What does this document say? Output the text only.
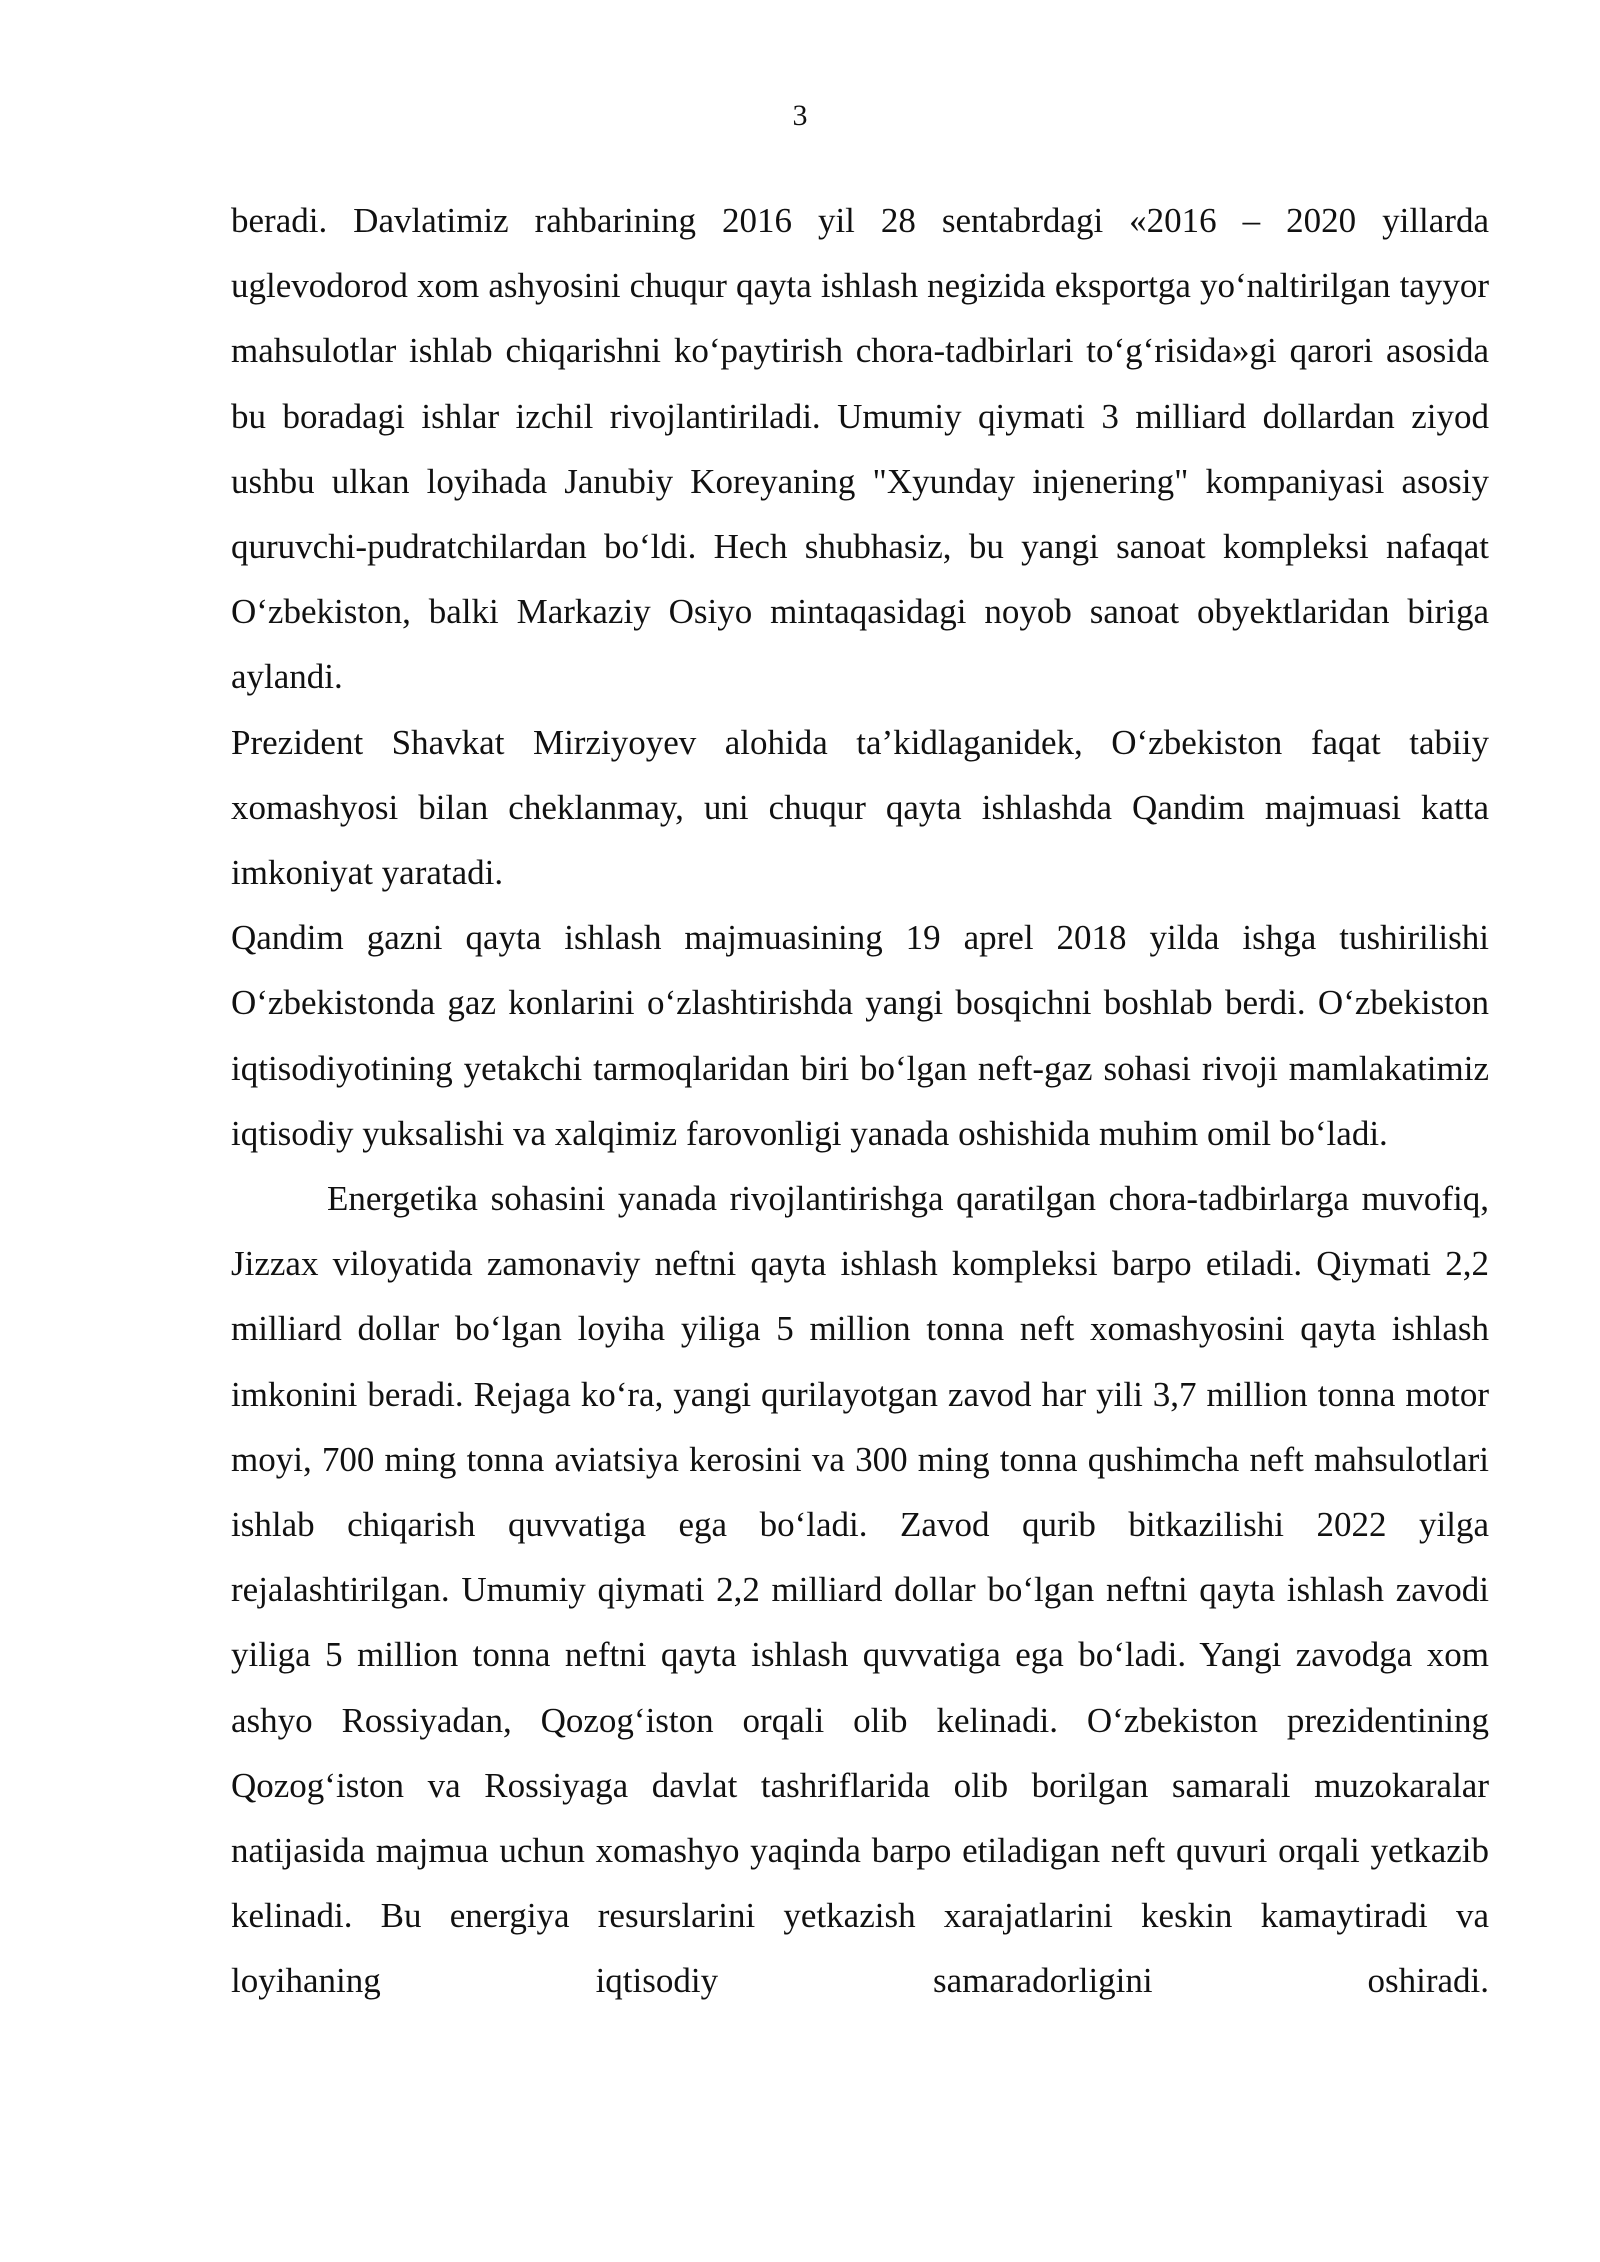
3

beradi. Davlatimiz rahbarining 2016 yil 28 sentabrdagi «2016 – 2020 yillarda uglevodorod xom ashyosini chuqur qayta ishlash negizida eksportga yo‘naltirilgan tayyor mahsulotlar ishlab chiqarishni ko‘paytirish chora-tadbirlari to‘g‘risida»gi qarori asosida bu boradagi ishlar izchil rivojlantiriladi. Umumiy qiymati 3 milliard dollardan ziyod ushbu ulkan loyihada Janubiy Koreyaning "Xyunday injenering" kompaniyasi asosiy quruvchi-pudratchilardan bo‘ldi. Hech shubhasiz, bu yangi sanoat kompleksi nafaqat O‘zbekiston, balki Markaziy Osiyo mintaqasidagi noyob sanoat obyektlaridan biriga aylandi.

Prezident Shavkat Mirziyoyev alohida ta’kidlaganidek, O‘zbekiston faqat tabiiy xomashyosi bilan cheklanmay, uni chuqur qayta ishlashda Qandim majmuasi katta imkoniyat yaratadi.

Qandim gazni qayta ishlash majmuasining 19 aprel 2018 yilda ishga tushirilishi O‘zbekistonda gaz konlarini o‘zlashtirishda yangi bosqichni boshlab berdi. O‘zbekiston iqtisodiyotining yetakchi tarmoqlaridan biri bo‘lgan neft-gaz sohasi rivoji mamlakatimiz iqtisodiy yuksalishi va xalqimiz farovonligi yanada oshishida muhim omil bo‘ladi.

Energetika sohasini yanada rivojlantirishga qaratilgan chora-tadbirlarga muvofiq, Jizzax viloyatida zamonaviy neftni qayta ishlash kompleksi barpo etiladi. Qiymati 2,2 milliard dollar bo‘lgan loyiha yiliga 5 million tonna neft xomashyosini qayta ishlash imkonini beradi. Rejaga ko‘ra, yangi qurilayotgan zavod har yili 3,7 million tonna motor moyi, 700 ming tonna aviatsiya kerosini va 300 ming tonna qushimcha neft mahsulotlari ishlab chiqarish quvvatiga ega bo‘ladi. Zavod qurib bitkazilishi 2022 yilga rejalashtirilgan. Umumiy qiymati 2,2 milliard dollar bo‘lgan neftni qayta ishlash zavodi yiliga 5 million tonna neftni qayta ishlash quvvatiga ega bo‘ladi. Yangi zavodga xom ashyo Rossiyadan, Qozog‘iston orqali olib kelinadi. O‘zbekiston prezidentining Qozog‘iston va Rossiyaga davlat tashriflarida olib borilgan samarali muzokaralar natijasida majmua uchun xomashyo yaqinda barpo etiladigan neft quvuri orqali yetkazib kelinadi. Bu energiya resurslarini yetkazish xarajatlarini keskin kamaytiradi va loyihaning iqtisodiy samaradorligini oshiradi.
